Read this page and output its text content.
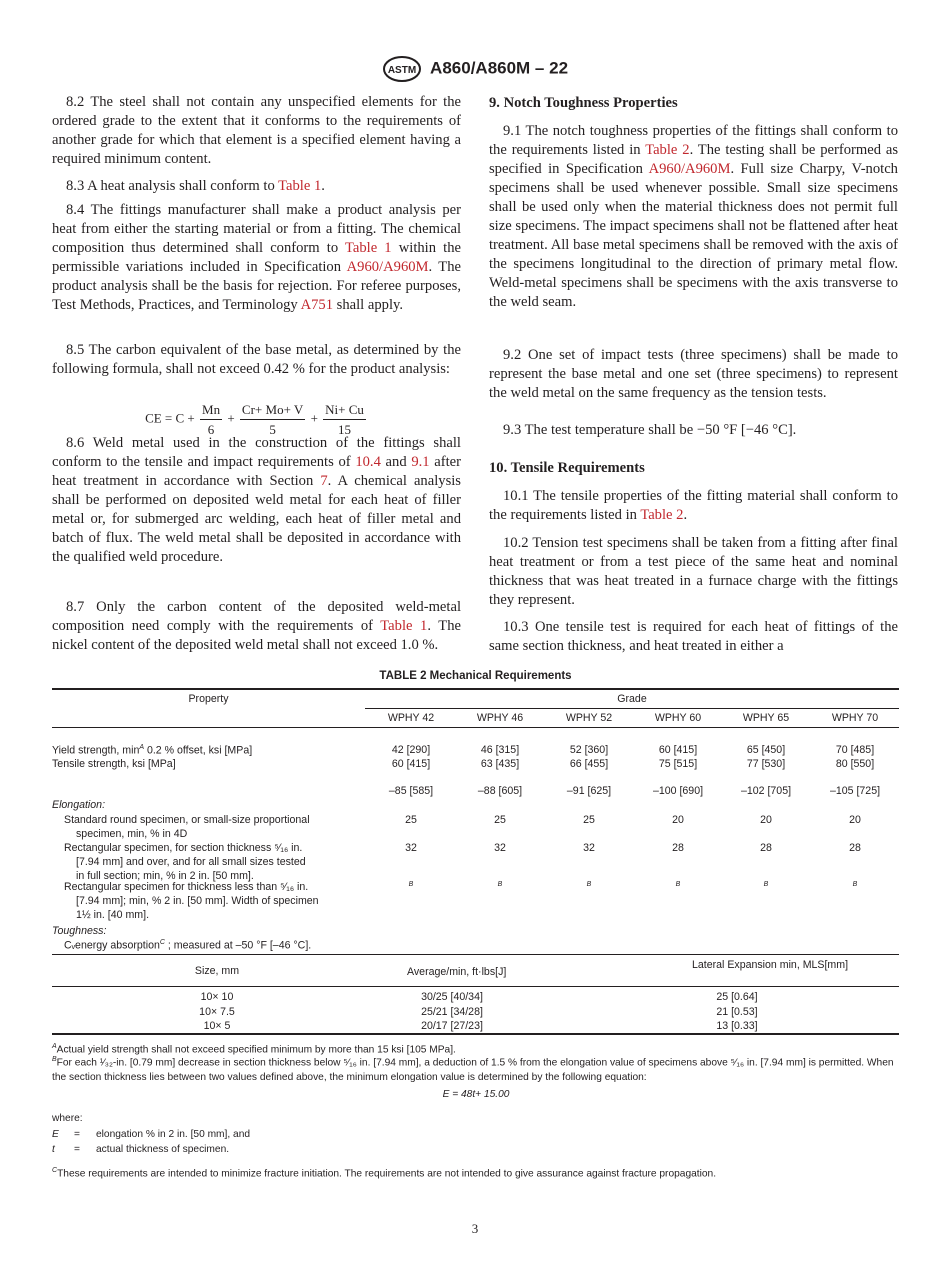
ASTM A860/A860M – 22

8.2 The steel shall not contain any unspecified elements for the ordered grade to the extent that it conforms to the requirements of another grade for which that element is a specified element having a required minimum content.

8.3 A heat analysis shall conform to Table 1.

8.4 The fittings manufacturer shall make a product analysis per heat from either the starting material or from a fitting. The chemical composition thus determined shall conform to Table 1 within the permissible variations included in Specification A960/A960M. The product analysis shall be the basis for rejection. For referee purposes, Test Methods, Practices, and Terminology A751 shall apply.

8.5 The carbon equivalent of the base metal, as determined by the following formula, shall not exceed 0.42 % for the product analysis:

CE = $C + \frac{Mn}{6} + \frac{Cr+ Mo+ V}{5} + \frac{Ni+ Cu}{15}$

8.6 Weld metal used in the construction of the fittings shall conform to the tensile and impact requirements of 10.4 and 9.1 after heat treatment in accordance with Section 7. A chemical analysis shall be performed on deposited weld metal for each heat of filler metal or, for submerged arc welding, each heat of filler metal and batch of flux. The weld metal shall be deposited in accordance with the qualified weld procedure.

8.7 Only the carbon content of the deposited weld-metal composition need comply with the requirements of Table 1. The nickel content of the deposited weld metal shall not exceed 1.0 %.

9. Notch Toughness Properties

9.1 The notch toughness properties of the fittings shall conform to the requirements listed in Table 2. The testing shall be performed as specified in Specification A960/A960M. Full size Charpy, V-notch specimens shall be used whenever possible. Small size specimens shall be used only when the material thickness does not permit full size specimens. The impact specimens shall not be flattened after heat treatment. All base metal specimens shall be removed with the axis of the specimens longitudinal to the direction of primary metal flow. Weld-metal specimens shall be specimens with the axis transverse to the weld seam.

9.2 One set of impact tests (three specimens) shall be made to represent the base metal and one set (three specimens) to represent the weld metal on the same frequency as the tension tests.

9.3 The test temperature shall be −50 °F [−46 °C].

10. Tensile Requirements

10.1 The tensile properties of the fitting material shall conform to the requirements listed in Table 2.

10.2 Tension test specimens shall be taken from a fitting after final heat treatment or from a test piece of the same heat and nominal thickness that was heat treated in a furnace charge with the fittings they represent.

10.3 One tensile test is required for each heat of fittings of the same section thickness, and heat treated in either a

TABLE 2 Mechanical Requirements
Property	Grade
WPHY 42	WPHY 46	WPHY 52	WPHY 60	WPHY 65	WPHY 70
Yield strength, $\min^A 0.2$ % offset, ksi [MPa]	42 [290]	46 [315]	52 [360]	60 [415]	65 [450]	70 [485]
Tensile strength, ksi [MPa]	60 [415]	63 [435]	66 [455]	75 [515]	77 [530]	80 [550]
–85 [585]	–88 [605]	–91 [625]	–100 [690]	–102 [705]	–105 [725]
Elongation:
Standard round specimen, or small-size proportional
specimen, min, % in 4D
25	25	25	20	20	20
Rectangular specimen, for section thickness ⁵⁄₁₆ in.
[7.94 mm] and over, and for all small sizes tested
in full section; min, % in 2 in. [50 mm].
32	32	32	28	28	28
Rectangular specimen for thickness less than ⁵⁄₁₆ in.
[7.94 mm]; min, % 2 in. [50 mm]. Width of specimen
1½ in. [40 mm].
B	B	B	B	B	B
Toughness:
Cᵥenergy absorption$^C$ ; measured at –50 °F [–46 °C].
Size, mm	Average/min, ft·lbs[J]
Lateral Expansion min, MLS[mm]
10× 10	30/25 [40/34]	25 [0.64]
10× 7.5	25/21 [34/28]	21 [0.53]
10× 5	20/17 [27/23]	13 [0.33]
$^A$Actual yield strength shall not exceed specified minimum by more than 15 ksi [105 MPa].
$^B$For each ¹⁄₃₂-in. [0.79 mm] decrease in section thickness below ⁵⁄₁₆ in. [7.94 mm], a deduction of 1.5 % from the elongation value of specimens above ⁵⁄₁₆ in. [7.94 mm] is permitted. When the section thickness lies between two values defined above, the minimum elongation value is determined by the following equation:
E = 48t+ 15.00
where:
E = elongation % in 2 in. [50 mm], and
t = actual thickness of specimen.
$^C$These requirements are intended to minimize fracture initiation. The requirements are not intended to give assurance against fracture propagation.
3
